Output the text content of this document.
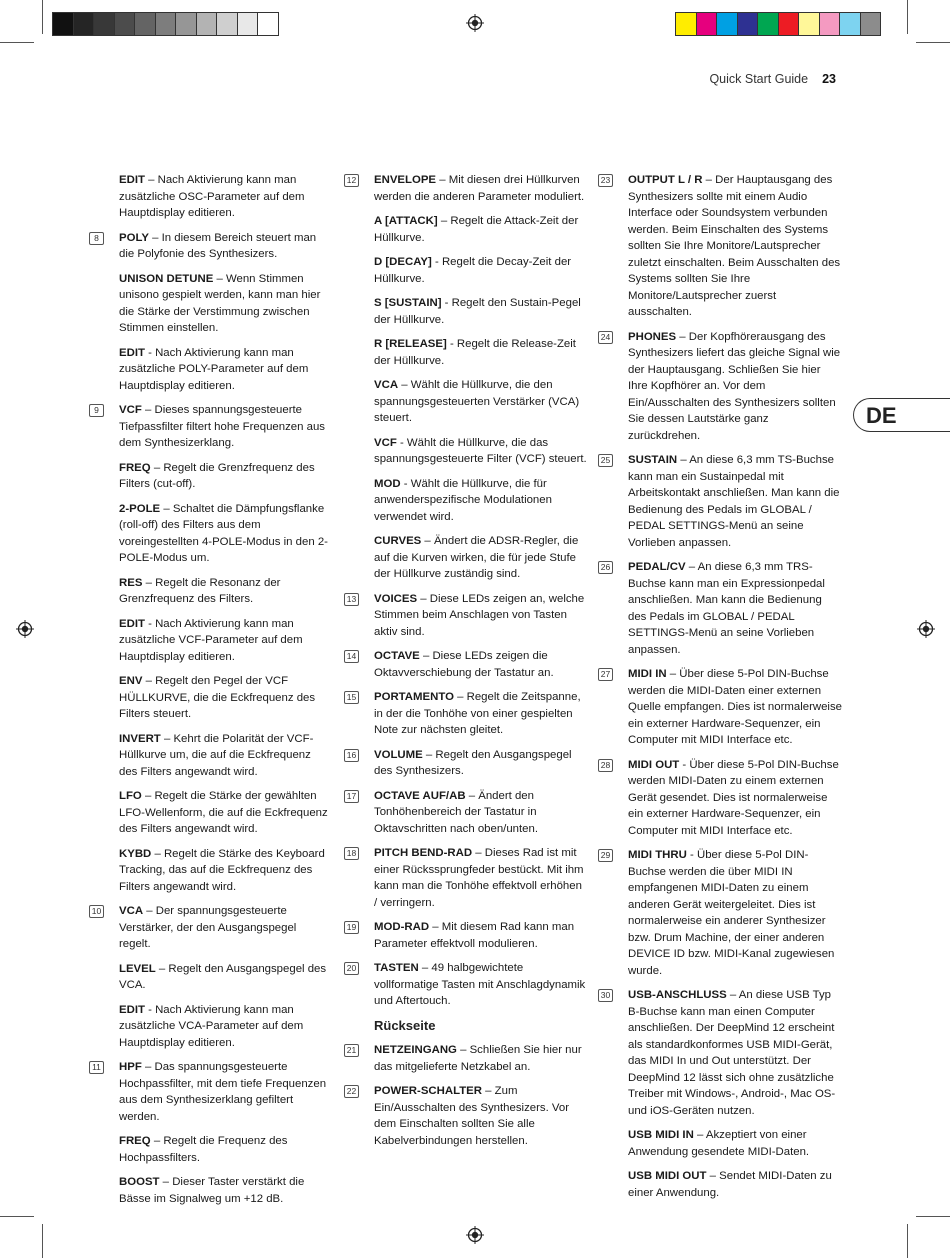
Quick Start Guide 23
DE

EDIT – Nach Aktivierung kann man zusätzliche OSC-Parameter auf dem Hauptdisplay editieren.

8	POLY – In diesem Bereich steuert man die Polyfonie des Synthesizers.

UNISON DETUNE – Wenn Stimmen unisono gespielt werden, kann man hier die Stärke der Verstimmung zwischen Stimmen einstellen.

EDIT - Nach Aktivierung kann man zusätzliche POLY-Parameter auf dem Hauptdisplay editieren.

9	VCF – Dieses spannungsgesteuerte Tiefpassfilter filtert hohe Frequenzen aus dem Synthesizerklang.

FREQ – Regelt die Grenzfrequenz des Filters (cut-off).

2-POLE – Schaltet die Dämpfungsflanke (roll-off) des Filters aus dem voreingestellten 4-POLE-Modus in den 2-POLE-Modus um.

RES – Regelt die Resonanz der Grenzfrequenz des Filters.

EDIT - Nach Aktivierung kann man zusätzliche VCF-Parameter auf dem Hauptdisplay editieren.

ENV – Regelt den Pegel der VCF HÜLLKURVE, die die Eckfrequenz des Filters steuert.

INVERT – Kehrt die Polarität der VCF-Hüllkurve um, die auf die Eckfrequenz des Filters angewandt wird.

LFO – Regelt die Stärke der gewählten LFO-Wellenform, die auf die Eckfrequenz des Filters angewandt wird.

KYBD – Regelt die Stärke des Keyboard Tracking, das auf die Eckfrequenz des Filters angewandt wird.

10 VCA – Der spannungsgesteuerte Verstärker, der den Ausgangspegel regelt.

LEVEL – Regelt den Ausgangspegel des VCA.

EDIT - Nach Aktivierung kann man zusätzliche VCA-Parameter auf dem Hauptdisplay editieren.

11 HPF – Das spannungsgesteuerte Hochpassfilter, mit dem tiefe Frequenzen aus dem Synthesizerklang gefiltert werden.

FREQ – Regelt die Frequenz des Hochpassfilters.

BOOST – Dieser Taster verstärkt die Bässe im Signalweg um +12 dB.

12 ENVELOPE – Mit diesen drei Hüllkurven werden die anderen Parameter moduliert.

A [ATTACK] – Regelt die Attack-Zeit der Hüllkurve.

D [DECAY] - Regelt die Decay-Zeit der Hüllkurve.

S [SUSTAIN] - Regelt den Sustain-Pegel der Hüllkurve.

R [RELEASE] - Regelt die Release-Zeit der Hüllkurve.

VCA – Wählt die Hüllkurve, die den spannungsgesteuerten Verstärker (VCA) steuert.

VCF - Wählt die Hüllkurve, die das spannungsgesteuerte Filter (VCF) steuert.

MOD - Wählt die Hüllkurve, die für anwenderspezifische Modulationen verwendet wird.

CURVES – Ändert die ADSR-Regler, die auf die Kurven wirken, die für jede Stufe der Hüllkurve zuständig sind.

13 VOICES – Diese LEDs zeigen an, welche Stimmen beim Anschlagen von Tasten aktiv sind.

14 OCTAVE – Diese LEDs zeigen die Oktavverschiebung der Tastatur an.

15 PORTAMENTO – Regelt die Zeitspanne, in der die Tonhöhe von einer gespielten Note zur nächsten gleitet.

16 VOLUME – Regelt den Ausgangspegel des Synthesizers.

17 OCTAVE AUF/AB – Ändert den Tonhöhenbereich der Tastatur in Oktavschritten nach oben/unten.

18 PITCH BEND-RAD – Dieses Rad ist mit einer Rückssprungfeder bestückt. Mit ihm kann man die Tonhöhe effektvoll erhöhen / verringern.

19 MOD-RAD – Mit diesem Rad kann man Parameter effektvoll modulieren.

20 TASTEN – 49 halbgewichtete vollformatige Tasten mit Anschlagdynamik und Aftertouch.

Rückseite
21 NETZEINGANG – Schließen Sie hier nur das mitgelieferte Netzkabel an.

22 POWER-SCHALTER – Zum Ein/Ausschalten des Synthesizers. Vor dem Einschalten sollten Sie alle Kabelverbindungen herstellen.

23 OUTPUT L / R – Der Hauptausgang des Synthesizers sollte mit einem Audio Interface oder Soundsystem verbunden werden. Beim Einschalten des Systems sollten Sie Ihre Monitore/Lautsprecher zuletzt einschalten. Beim Ausschalten des Systems sollten Sie Ihre Monitore/Lautsprecher zuerst ausschalten.

24 PHONES – Der Kopfhörerausgang des Synthesizers liefert das gleiche Signal wie der Hauptausgang. Schließen Sie hier Ihre Kopfhörer an. Vor dem Ein/Ausschalten des Synthesizers sollten Sie dessen Lautstärke ganz zurückdrehen.

25 SUSTAIN – An diese 6,3 mm TS-Buchse kann man ein Sustainpedal mit Arbeitskontakt anschließen. Man kann die Bedienung des Pedals im GLOBAL / PEDAL SETTINGS-Menü an seine Vorlieben anpassen.

26 PEDAL/CV – An diese 6,3 mm TRS-Buchse kann man ein Expressionpedal anschließen. Man kann die Bedienung des Pedals im GLOBAL / PEDAL SETTINGS-Menü an seine Vorlieben anpassen.

27 MIDI IN – Über diese 5-Pol DIN-Buchse werden die MIDI-Daten einer externen Quelle empfangen. Dies ist normalerweise ein externer Hardware-Sequenzer, ein Computer mit MIDI Interface etc.

28 MIDI OUT - Über diese 5-Pol DIN-Buchse werden MIDI-Daten zu einem externen Gerät gesendet. Dies ist normalerweise ein externer Hardware-Sequenzer, ein Computer mit MIDI Interface etc.

29 MIDI THRU - Über diese 5-Pol DIN-Buchse werden die über MIDI IN empfangenen MIDI-Daten zu einem anderen Gerät weitergeleitet. Dies ist normalerweise ein anderer Synthesizer bzw. Drum Machine, der einer anderen DEVICE ID bzw. MIDI-Kanal zugewiesen wurde.

30 USB-ANSCHLUSS – An diese USB Typ B-Buchse kann man einen Computer anschließen. Der DeepMind 12 erscheint als standardkonformes USB MIDI-Gerät, das MIDI In und Out unterstützt. Der DeepMind 12 lässt sich ohne zusätzliche Treiber mit Windows-, Android-, Mac OS- und iOS-Geräten nutzen.

USB MIDI IN – Akzeptiert von einer Anwendung gesendete MIDI-Daten.

USB MIDI OUT – Sendet MIDI-Daten zu einer Anwendung.
